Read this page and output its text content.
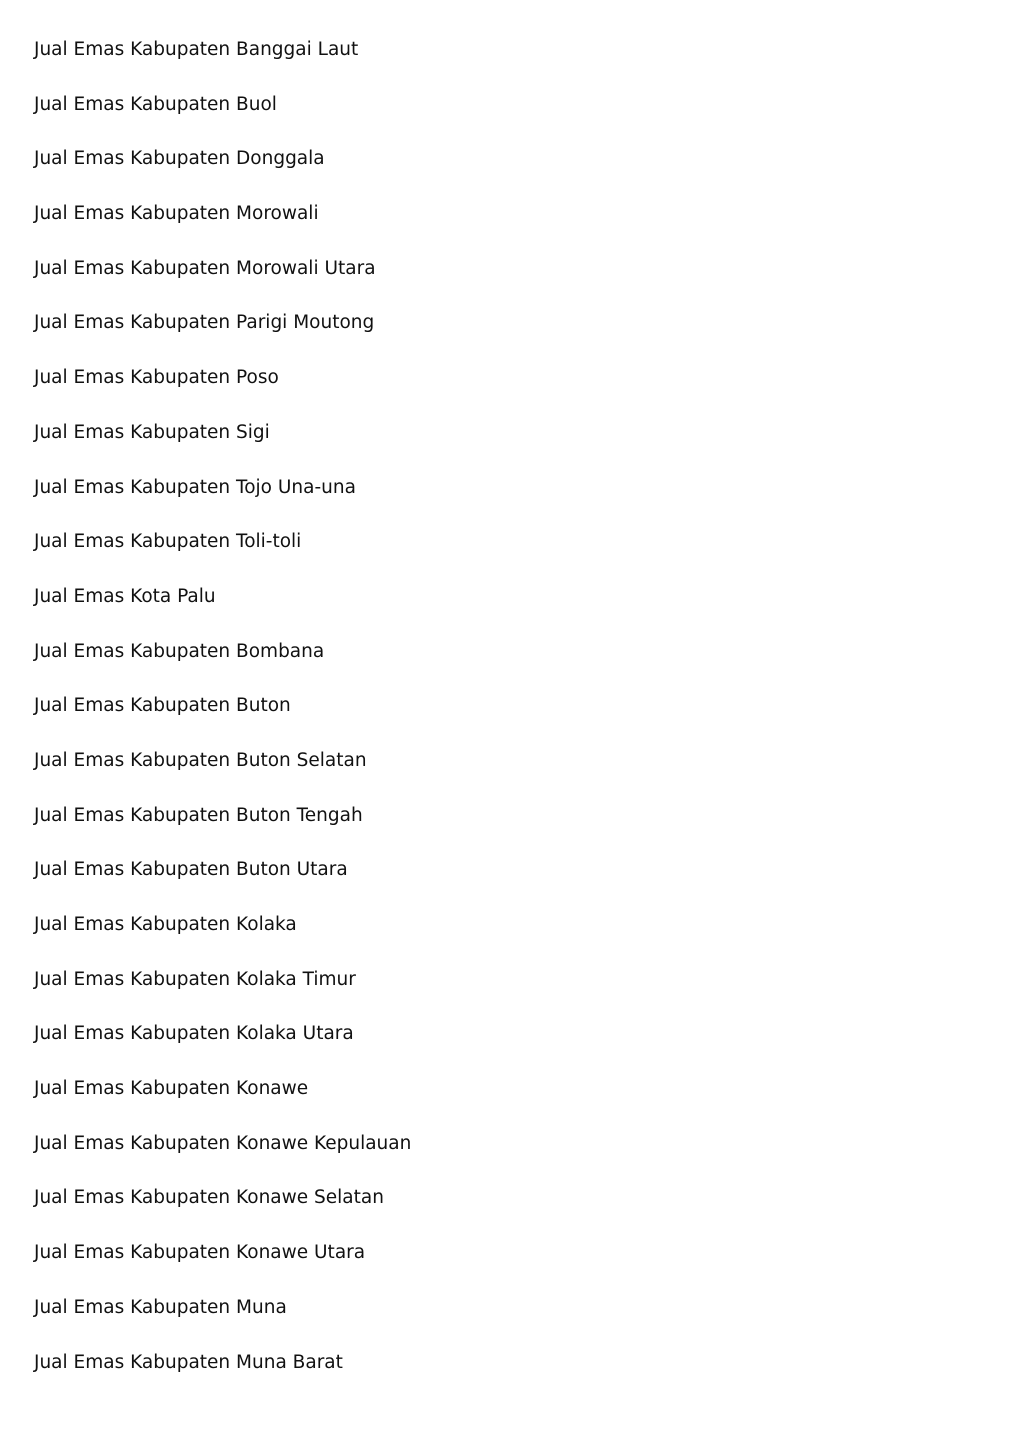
Jual Emas Kabupaten Banggai Laut
Jual Emas Kabupaten Buol
Jual Emas Kabupaten Donggala
Jual Emas Kabupaten Morowali
Jual Emas Kabupaten Morowali Utara
Jual Emas Kabupaten Parigi Moutong
Jual Emas Kabupaten Poso
Jual Emas Kabupaten Sigi
Jual Emas Kabupaten Tojo Una-una
Jual Emas Kabupaten Toli-toli
Jual Emas Kota Palu
Jual Emas Kabupaten Bombana
Jual Emas Kabupaten Buton
Jual Emas Kabupaten Buton Selatan
Jual Emas Kabupaten Buton Tengah
Jual Emas Kabupaten Buton Utara
Jual Emas Kabupaten Kolaka
Jual Emas Kabupaten Kolaka Timur
Jual Emas Kabupaten Kolaka Utara
Jual Emas Kabupaten Konawe
Jual Emas Kabupaten Konawe Kepulauan
Jual Emas Kabupaten Konawe Selatan
Jual Emas Kabupaten Konawe Utara
Jual Emas Kabupaten Muna
Jual Emas Kabupaten Muna Barat
